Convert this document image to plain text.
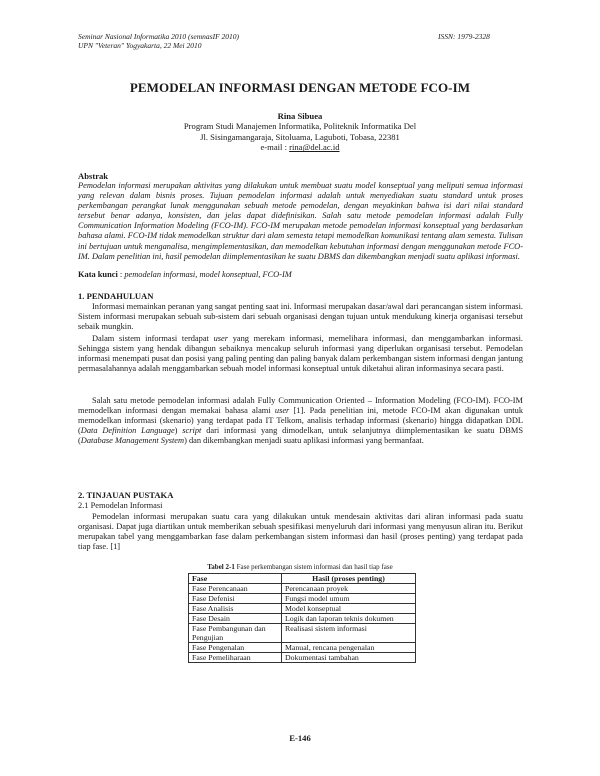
Seminar Nasional Informatika 2010 (semnasIF 2010)
UPN "Veteran" Yogyakarta, 22 Mei 2010
ISSN: 1979-2328
PEMODELAN INFORMASI DENGAN METODE FCO-IM
Rina Sibuea
Program Studi Manajemen Informatika, Politeknik Informatika Del
Jl. Sisingamangaraja, Sitoluama, Laguboti, Tobasa, 22381
e-mail : rina@del.ac.id
Abstrak

Pemodelan informasi merupakan aktivitas yang dilakukan untuk membuat suatu model konseptual yang meliputi semua informasi yang relevan dalam bisnis proses. Tujuan pemodelan informasi adalah untuk menyediakan suatu standard untuk proses perkembangan perangkat lunak menggunakan sebuah metode pemodelan, dengan meyakinkan bahwa isi dari nilai standard tersebut benar adanya, konsisten, dan jelas dapat didefinisikan. Salah satu metode pemodelan informasi adalah Fully Communication Information Modeling (FCO-IM). FCO-IM merupakan metode pemodelan informasi konseptual yang berdasarkan bahasa alami. FCO-IM tidak memodelkan struktur dari alam semesta tetapi memodelkan komunikasi tentang alam semesta. Tulisan ini bertujuan untuk menganalisa, mengimplementasikan, dan memodelkan kebutuhan informasi dengan menggunakan metode FCO-IM. Dalam penelitian ini, hasil pemodelan diimplementasikan ke suatu DBMS dan dikembangkan menjadi suatu aplikasi informasi.

Kata kunci : pemodelan informasi, model konseptual, FCO-IM

1. PENDAHULUAN

Informasi memainkan peranan yang sangat penting saat ini. Informasi merupakan dasar/awal dari perancangan sistem informasi. Sistem informasi merupakan sebuah sub-sistem dari sebuah organisasi dengan tujuan untuk mendukung kinerja organisasi tersebut sebaik mungkin.

Dalam sistem informasi terdapat user yang merekam informasi, memelihara informasi, dan menggambarkan informasi. Sehingga sistem yang hendak dibangun sebaiknya mencakup seluruh informasi yang diperlukan organisasi tersebut. Pemodelan informasi menempati pusat dan posisi yang paling penting dan paling banyak dalam perkembangan sistem informasi dengan jantung permasalahannya adalah menggambarkan sebuah model informasi konseptual untuk diketahui aliran informasinya secara pasti.

Salah satu metode pemodelan informasi adalah Fully Communication Oriented – Information Modeling (FCO-IM). FCO-IM memodelkan informasi dengan memakai bahasa alami user [1]. Pada penelitian ini, metode FCO-IM akan digunakan untuk memodelkan informasi (skenario) yang terdapat pada IT Telkom, analisis terhadap informasi (skenario) hingga didapatkan DDL (Data Definition Language) script dari informasi yang dimodelkan, untuk selanjutnya diimplementasikan ke suatu DBMS (Database Management System) dan dikembangkan menjadi suatu aplikasi informasi yang bermanfaat.

2. TINJAUAN PUSTAKA
2.1 Pemodelan Informasi

Pemodelan informasi merupakan suatu cara yang dilakukan untuk mendesain aktivitas dari aliran informasi pada suatu organisasi. Dapat juga diartikan untuk memberikan sebuah spesifikasi menyeluruh dari informasi yang menyusun aliran itu. Berikut merupakan tabel yang menggambarkan fase dalam perkembangan sistem informasi dan hasil (proses penting) yang terdapat pada tiap fase. [1]

Tabel 2-1 Fase perkembangan sistem informasi dan hasil tiap fase
Fase	Hasil (proses penting)
Fase Perencanaan	Perencanaan proyek
Fase Defenisi	Fungsi model umum
Fase Analisis	Model konseptual
Fase Desain	Logik dan laporan teknis dokumen
Fase Pembangunan dan Pengujian	Realisasi sistem informasi
Fase Pengenalan	Manual, rencana pengenalan
Fase Pemeliharaan	Dokumentasi tambahan
E-146
